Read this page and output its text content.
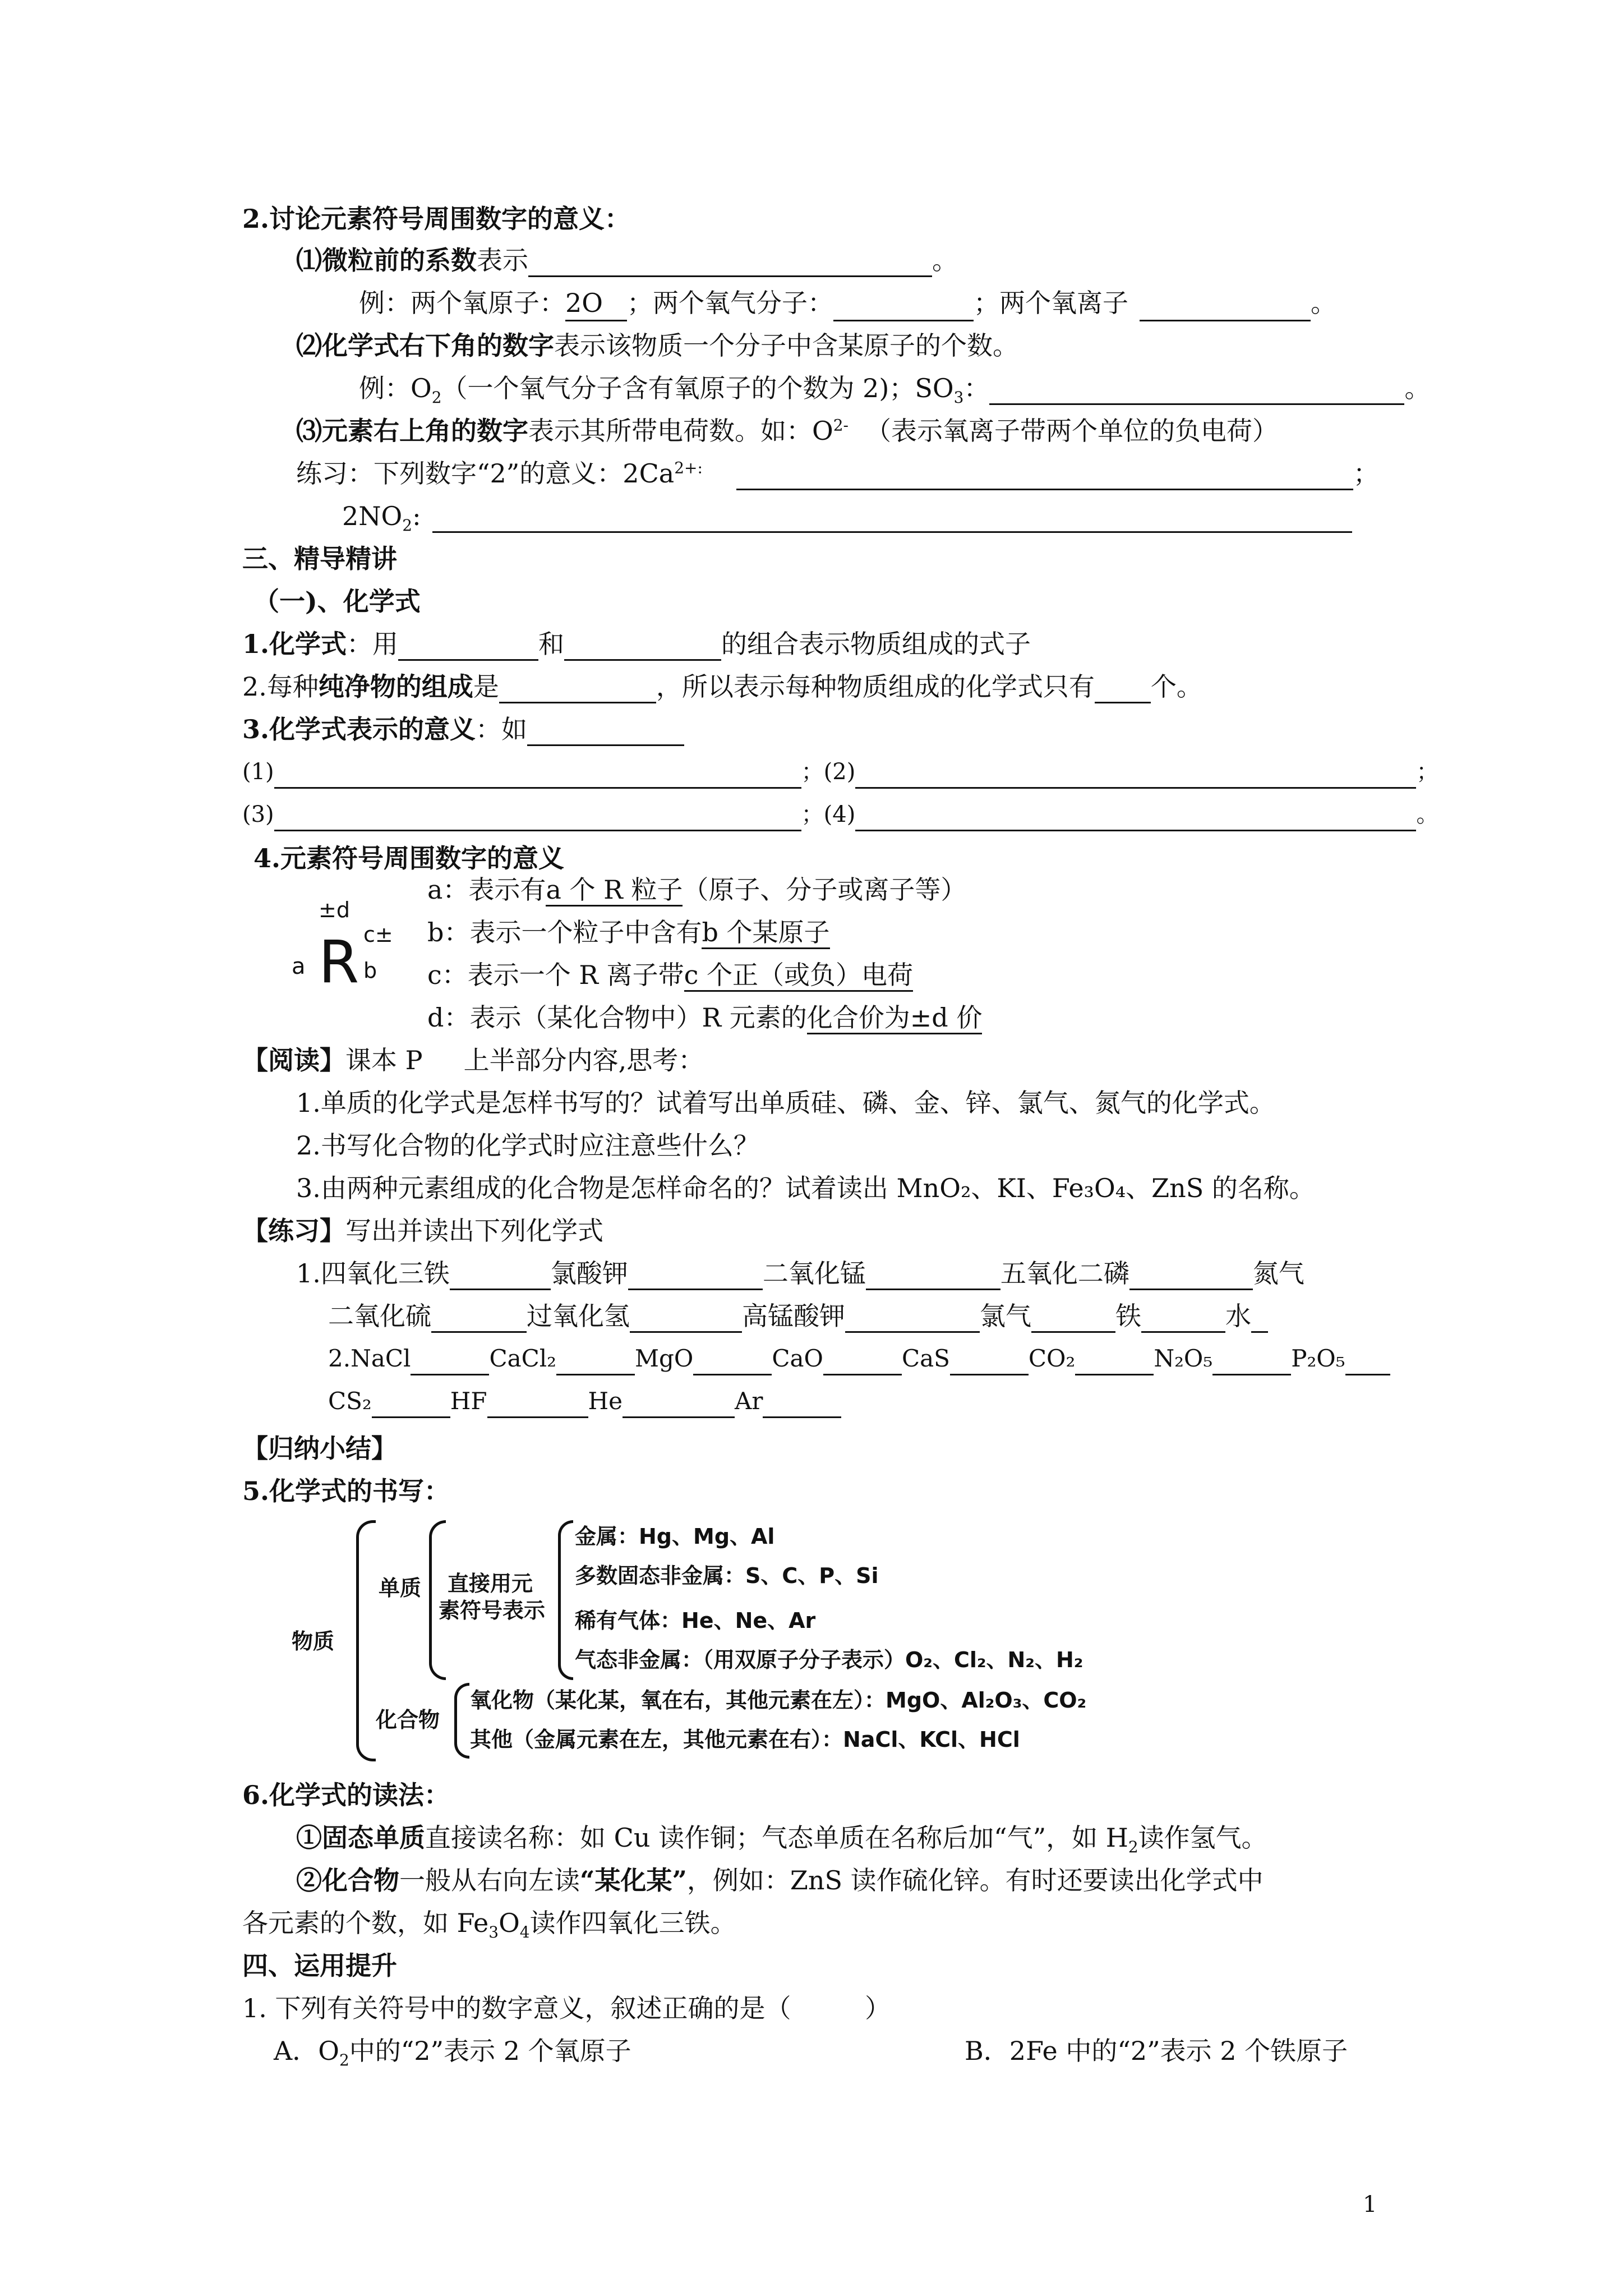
2.讨论元素符号周围数字的意义：
⑴微粒前的系数表示	。
例：两个氧原子：2O ；两个氧气分子：	；两个氧离子	。
⑵化学式右下角的数字表示该物质一个分子中含某原子的个数。
例：$O_2$（一个氧气分子含有氧原子的个数为 2)；$SO_3$：	。
⑶元素右上角的数字表示其所带电荷数。如：$O^{2-}$ （表示氧离子带两个单位的负电荷）
练习：下列数字“2”的意义：$2Ca^{2+:}$	；
$2NO_2$:
三、精导精讲
（一)、化学式
1.化学式：用	和	的组合表示物质组成的式子
2.每种纯净物的组成是	，所以表示每种物质组成的化学式只有 个。
3.化学式表示的意义：如
(1)	；(2)	；
(3)	；(4)	。
4.元素符号周围数字的意义
±d
a R c±
b
a：表示有a 个 R 粒子（原子、分子或离子等）
b：表示一个粒子中含有b 个某原子
c：表示一个 R 离子带c 个正（或负）电荷
d：表示（某化合物中）R 元素的化合价为±d 价
【阅读】课本 P     上半部分内容,思考：
1.单质的化学式是怎样书写的？试着写出单质硅、磷、金、锌、氯气、氮气的化学式。
2.书写化合物的化学式时应注意些什么？
3.由两种元素组成的化合物是怎样命名的？试着读出 MnO₂、KI、Fe₃O₄、ZnS 的名称。
【练习】写出并读出下列化学式
1.四氧化三铁	氯酸钾	二氧化锰	五氧化二磷	氮气
二氧化硫	过氧化氢	高锰酸钾	氯气	铁	水
2.NaCl	CaCl₂	MgO	CaO	CaS	CO₂	N₂O₅	P₂O₅
CS₂	HF	He	Ar
【归纳小结】
5.化学式的书写：
物质
单质 直接用元
素符号表示
金属：Hg、Mg、Al
多数固态非金属：S、C、P、Si
稀有气体：He、Ne、Ar
气态非金属：（用双原子分子表示）O₂、Cl₂、N₂、H₂
化合物
氧化物（某化某，氧在右，其他元素在左）：MgO、Al₂O₃、CO₂
其他（金属元素在左，其他元素在右）：NaCl、KCl、HCl
6.化学式的读法：
①固态单质直接读名称：如 Cu 读作铜；气态单质在名称后加“气”，如 $H_2$读作氢气。
②化合物一般从右向左读“某化某”，例如：ZnS 读作硫化锌。有时还要读出化学式中
各元素的个数，如 $Fe_3O_4$读作四氧化三铁。
四、运用提升
1. 下列有关符号中的数字意义，叙述正确的是（         ）
A．$O_2$中的“2”表示 2 个氧原子	B．2Fe 中的“2”表示 2 个铁原子
1
